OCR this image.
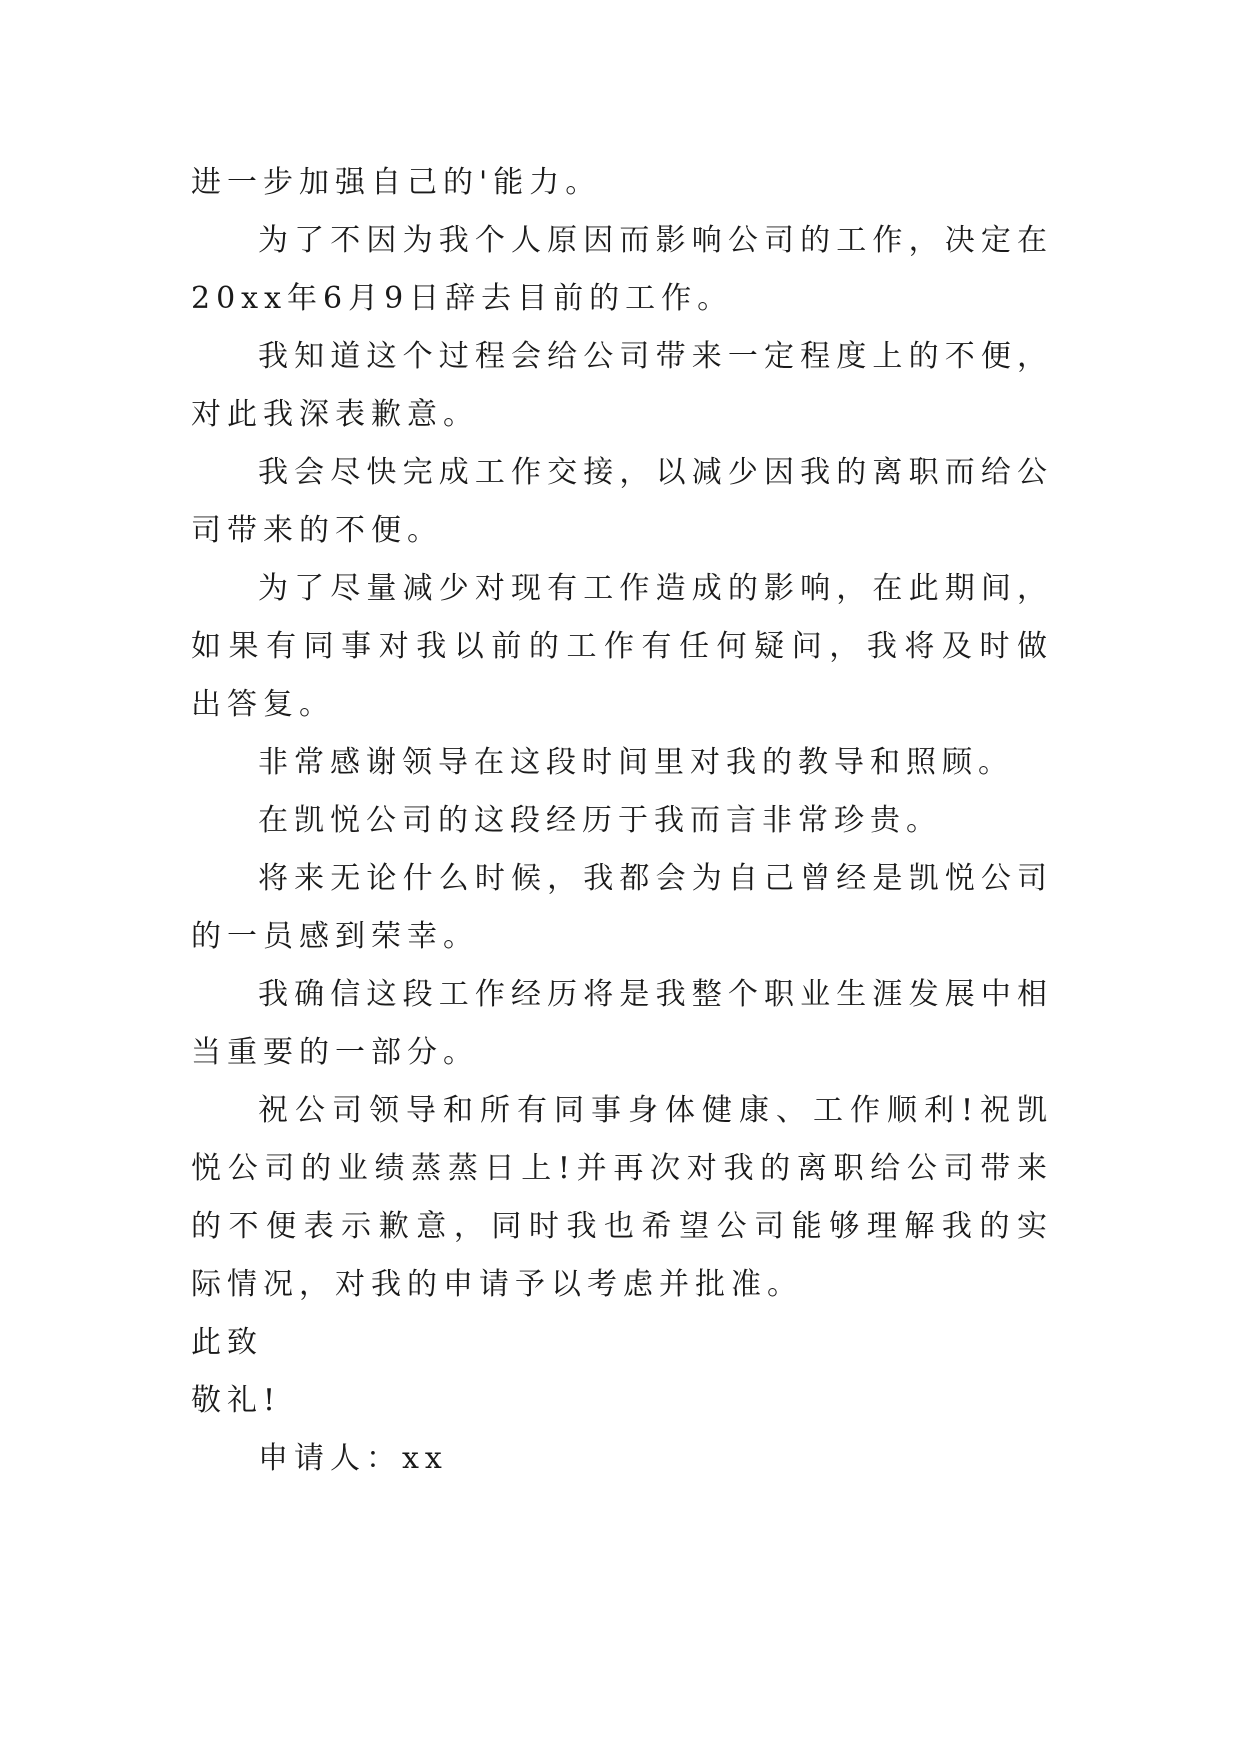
进一步加强自己的'能力。

为了不因为我个人原因而影响公司的工作，决定在20xx年6月9日辞去目前的工作。

我知道这个过程会给公司带来一定程度上的不便，对此我深表歉意。

我会尽快完成工作交接，以减少因我的离职而给公司带来的不便。

为了尽量减少对现有工作造成的影响，在此期间，如果有同事对我以前的工作有任何疑问，我将及时做出答复。

非常感谢领导在这段时间里对我的教导和照顾。

在凯悦公司的这段经历于我而言非常珍贵。

将来无论什么时候，我都会为自己曾经是凯悦公司的一员感到荣幸。

我确信这段工作经历将是我整个职业生涯发展中相当重要的一部分。

祝公司领导和所有同事身体健康、工作顺利!祝凯悦公司的业绩蒸蒸日上!并再次对我的离职给公司带来的不便表示歉意，同时我也希望公司能够理解我的实际情况，对我的申请予以考虑并批准。

此致

敬礼!

申请人：xx
